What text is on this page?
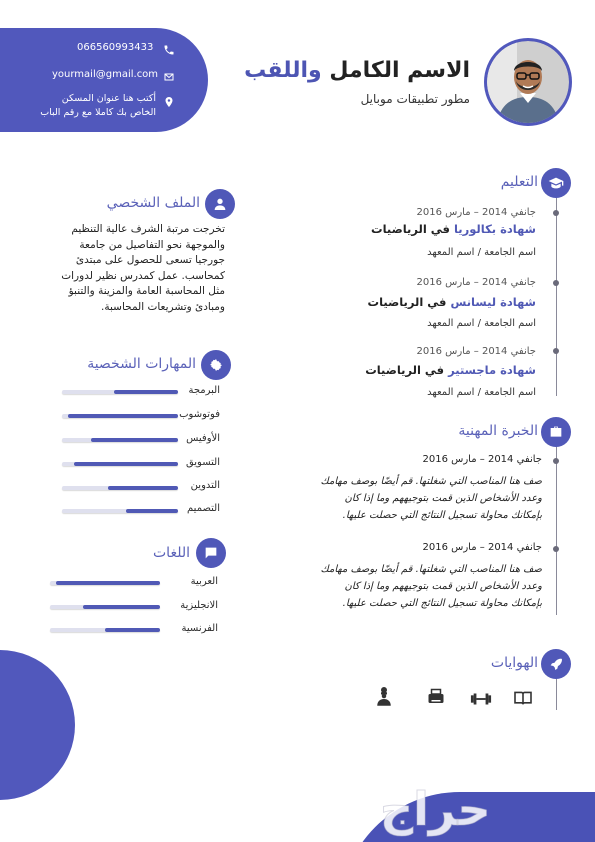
066560993433
yourmail@gmail.com
أكتب هنا عنوان المسكن
الخاص بك كاملا مع رقم الباب
الاسم الكامل واللقب
مطور تطبيقات موبايل
الملف الشخصي
تخرجت مرتبة الشرف عالية التنظيم
والموجهة نحو التفاصيل من جامعة
جورجيا تسعى للحصول على مبتدئ
كمحاسب. عمل كمدرس نظير لدورات
مثل المحاسبة العامة والمزينة والتنبؤ
ومبادئ وتشريعات المحاسبة.
المهارات الشخصية
البرمجة
فوتوشوب
الأوفيس
التسويق
التدوين
التصميم
اللغات
العربية
الانجليزية
الفرنسية
التعليم
جانفي 2014 – مارس 2016
شهادة بكالوريا في الرياضيات
اسم الجامعة / اسم المعهد
جانفي 2014 – مارس 2016
شهادة ليسانس في الرياضيات
اسم الجامعة / اسم المعهد
جانفي 2014 – مارس 2016
شهادة ماجستير في الرياضيات
اسم الجامعة / اسم المعهد
الخبرة المهنية
جانفي 2014 – مارس 2016
صف هنا المناصب التي شغلتها. قم أيضًا بوصف مهامك
وعدد الأشخاص الذين قمت بتوجيههم وما إذا كان
بإمكانك محاولة تسجيل النتائج التي حصلت عليها.
جانفي 2014 – مارس 2016
صف هنا المناصب التي شغلتها. قم أيضًا بوصف مهامك
وعدد الأشخاص الذين قمت بتوجيههم وما إذا كان
بإمكانك محاولة تسجيل النتائج التي حصلت عليها.
الهوايات
حراج
